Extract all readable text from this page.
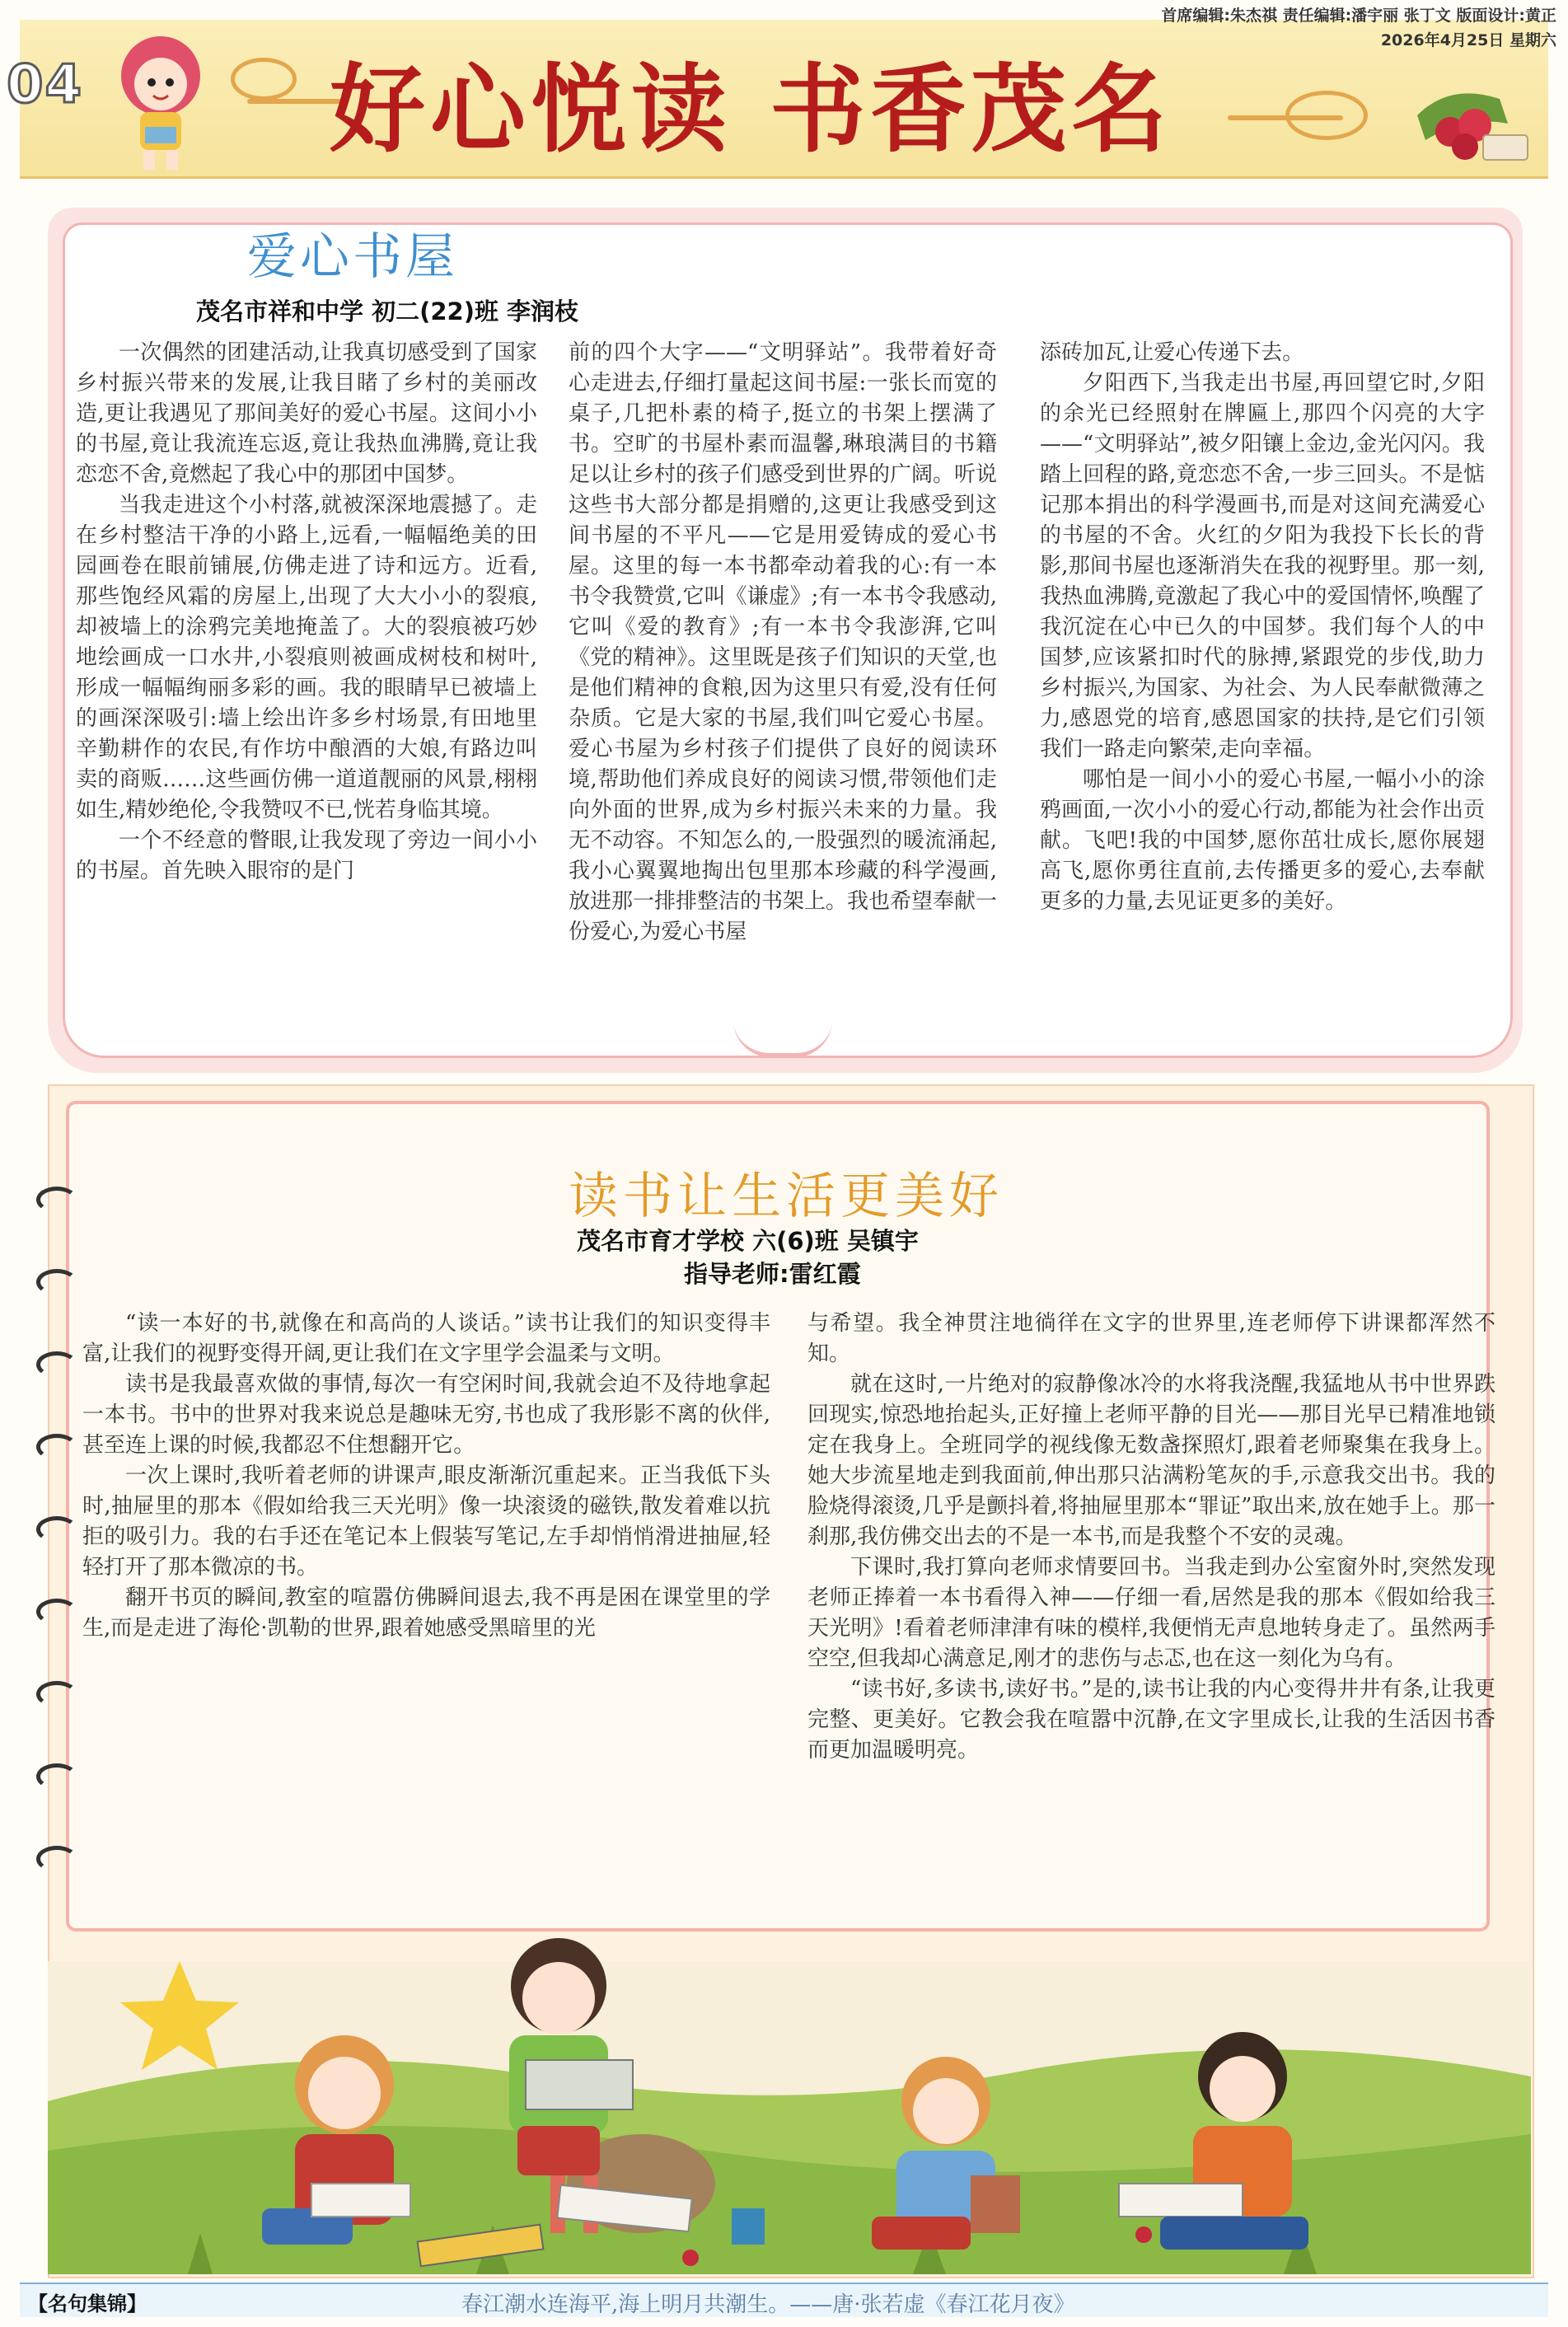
04	好心悦读 书香茂名
首席编辑:朱杰祺 责任编辑:潘宇丽 张丁文 版面设计:黄正
2026年4月25日 星期六
爱心书屋
茂名市祥和中学 初二(22)班 李润枝

一次偶然的团建活动,让我真切感受到了国家乡村振兴带来的发展,让我目睹了乡村的美丽改造,更让我遇见了那间美好的爱心书屋。这间小小的书屋,竟让我流连忘返,竟让我热血沸腾,竟让我恋恋不舍,竟燃起了我心中的那团中国梦。

当我走进这个小村落,就被深深地震撼了。走在乡村整洁干净的小路上,远看,一幅幅绝美的田园画卷在眼前铺展,仿佛走进了诗和远方。近看,那些饱经风霜的房屋上,出现了大大小小的裂痕,却被墙上的涂鸦完美地掩盖了。大的裂痕被巧妙地绘画成一口水井,小裂痕则被画成树枝和树叶,形成一幅幅绚丽多彩的画。我的眼睛早已被墙上的画深深吸引:墙上绘出许多乡村场景,有田地里辛勤耕作的农民,有作坊中酿酒的大娘,有路边叫卖的商贩……这些画仿佛一道道靓丽的风景,栩栩如生,精妙绝伦,令我赞叹不已,恍若身临其境。

一个不经意的瞥眼,让我发现了旁边一间小小的书屋。首先映入眼帘的是门

前的四个大字——“文明驿站”。我带着好奇心走进去,仔细打量起这间书屋:一张长而宽的桌子,几把朴素的椅子,挺立的书架上摆满了书。空旷的书屋朴素而温馨,琳琅满目的书籍足以让乡村的孩子们感受到世界的广阔。听说这些书大部分都是捐赠的,这更让我感受到这间书屋的不平凡——它是用爱铸成的爱心书屋。这里的每一本书都牵动着我的心:有一本书令我赞赏,它叫《谦虚》;有一本书令我感动,它叫《爱的教育》;有一本书令我澎湃,它叫《党的精神》。这里既是孩子们知识的天堂,也是他们精神的食粮,因为这里只有爱,没有任何杂质。它是大家的书屋,我们叫它爱心书屋。爱心书屋为乡村孩子们提供了良好的阅读环境,帮助他们养成良好的阅读习惯,带领他们走向外面的世界,成为乡村振兴未来的力量。我无不动容。不知怎么的,一股强烈的暖流涌起,我小心翼翼地掏出包里那本珍藏的科学漫画,放进那一排排整洁的书架上。我也希望奉献一份爱心,为爱心书屋

添砖加瓦,让爱心传递下去。

夕阳西下,当我走出书屋,再回望它时,夕阳的余光已经照射在牌匾上,那四个闪亮的大字——“文明驿站”,被夕阳镶上金边,金光闪闪。我踏上回程的路,竟恋恋不舍,一步三回头。不是惦记那本捐出的科学漫画书,而是对这间充满爱心的书屋的不舍。火红的夕阳为我投下长长的背影,那间书屋也逐渐消失在我的视野里。那一刻,我热血沸腾,竟激起了我心中的爱国情怀,唤醒了我沉淀在心中已久的中国梦。我们每个人的中国梦,应该紧扣时代的脉搏,紧跟党的步伐,助力乡村振兴,为国家、为社会、为人民奉献微薄之力,感恩党的培育,感恩国家的扶持,是它们引领我们一路走向繁荣,走向幸福。

哪怕是一间小小的爱心书屋,一幅小小的涂鸦画面,一次小小的爱心行动,都能为社会作出贡献。飞吧!我的中国梦,愿你茁壮成长,愿你展翅高飞,愿你勇往直前,去传播更多的爱心,去奉献更多的力量,去见证更多的美好。

读书让生活更美好
茂名市育才学校 六(6)班 吴镇宇
指导老师:雷红霞

“读一本好的书,就像在和高尚的人谈话。”读书让我们的知识变得丰富,让我们的视野变得开阔,更让我们在文字里学会温柔与文明。

读书是我最喜欢做的事情,每次一有空闲时间,我就会迫不及待地拿起一本书。书中的世界对我来说总是趣味无穷,书也成了我形影不离的伙伴,甚至连上课的时候,我都忍不住想翻开它。

一次上课时,我听着老师的讲课声,眼皮渐渐沉重起来。正当我低下头时,抽屉里的那本《假如给我三天光明》像一块滚烫的磁铁,散发着难以抗拒的吸引力。我的右手还在笔记本上假装写笔记,左手却悄悄滑进抽屉,轻轻打开了那本微凉的书。

翻开书页的瞬间,教室的喧嚣仿佛瞬间退去,我不再是困在课堂里的学生,而是走进了海伦·凯勒的世界,跟着她感受黑暗里的光

与希望。我全神贯注地徜徉在文字的世界里,连老师停下讲课都浑然不知。

就在这时,一片绝对的寂静像冰冷的水将我浇醒,我猛地从书中世界跌回现实,惊恐地抬起头,正好撞上老师平静的目光——那目光早已精准地锁定在我身上。全班同学的视线像无数盏探照灯,跟着老师聚集在我身上。她大步流星地走到我面前,伸出那只沾满粉笔灰的手,示意我交出书。我的脸烧得滚烫,几乎是颤抖着,将抽屉里那本“罪证”取出来,放在她手上。那一刹那,我仿佛交出去的不是一本书,而是我整个不安的灵魂。

下课时,我打算向老师求情要回书。当我走到办公室窗外时,突然发现老师正捧着一本书看得入神——仔细一看,居然是我的那本《假如给我三天光明》!看着老师津津有味的模样,我便悄无声息地转身走了。虽然两手空空,但我却心满意足,刚才的悲伤与忐忑,也在这一刻化为乌有。

“读书好,多读书,读好书。”是的,读书让我的内心变得井井有条,让我更完整、更美好。它教会我在喧嚣中沉静,在文字里成长,让我的生活因书香而更加温暖明亮。

【名句集锦】	春江潮水连海平,海上明月共潮生。——唐·张若虚《春江花月夜》
